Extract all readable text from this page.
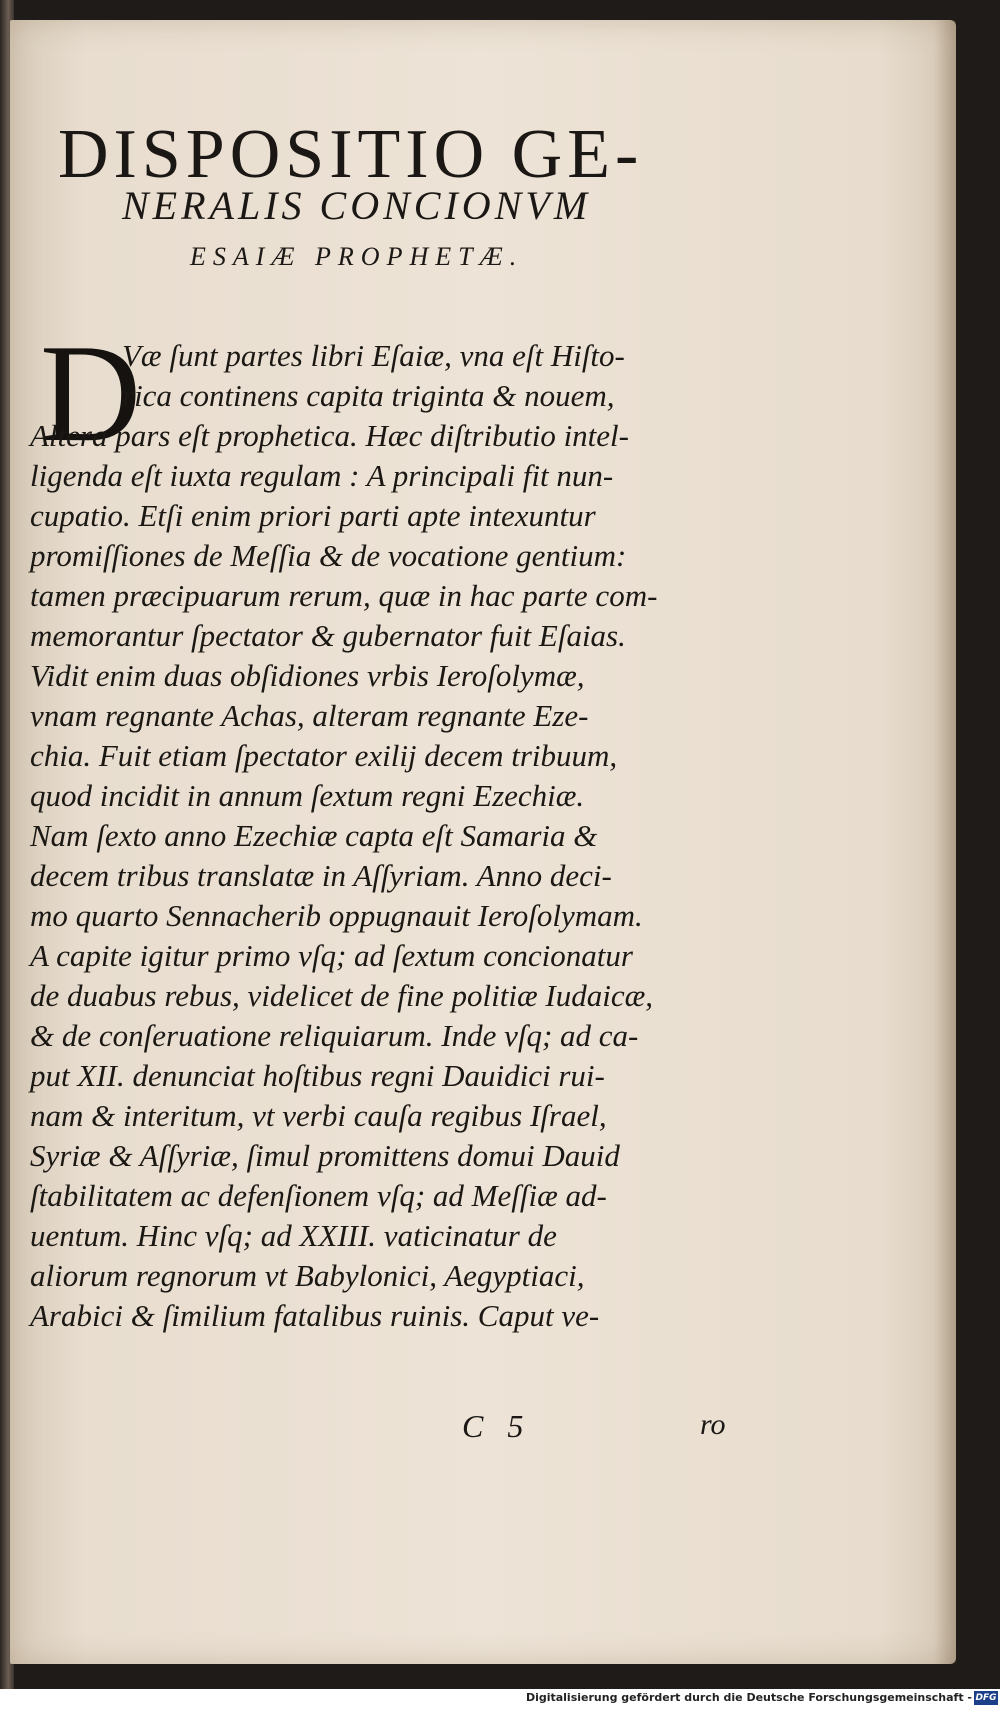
DISPOSITIO GE-
NERALIS CONCIONVM
ESAIÆ PROPHETÆ.
D
Væ ſunt partes libri Eſaiæ, vna eſt Hiſto-
rica continens capita triginta & nouem,
Altera pars eſt prophetica. Hæc diſtributio intel-
ligenda eſt iuxta regulam : A principali fit nun-
cupatio. Etſi enim priori parti apte intexuntur
promiſſiones de Meſſia & de vocatione gentium:
tamen præcipuarum rerum, quæ in hac parte com-
memorantur ſpectator & gubernator fuit Eſaias.
Vidit enim duas obſidiones vrbis Ieroſolymæ,
vnam regnante Achas, alteram regnante Eze-
chia. Fuit etiam ſpectator exilij decem tribuum,
quod incidit in annum ſextum regni Ezechiæ.
Nam ſexto anno Ezechiæ capta eſt Samaria &
decem tribus translatæ in Aſſyriam. Anno deci-
mo quarto Sennacherib oppugnauit Ieroſolymam.
A capite igitur primo vſq; ad ſextum concionatur
de duabus rebus, videlicet de fine politiæ Iudaicæ,
& de conſeruatione reliquiarum. Inde vſq; ad ca-
put XII. denunciat hoſtibus regni Dauidici rui-
nam & interitum, vt verbi cauſa regibus Iſrael,
Syriæ & Aſſyriæ, ſimul promittens domui Dauid
ſtabilitatem ac defenſionem vſq; ad Meſſiæ ad-
uentum. Hinc vſq; ad XXIII. vaticinatur de
aliorum regnorum vt Babylonici, Aegyptiaci,
Arabici & ſimilium fatalibus ruinis. Caput ve-
C 5	ro
Digitalisierung gefördert durch die Deutsche Forschungsgemeinschaft - DFG
